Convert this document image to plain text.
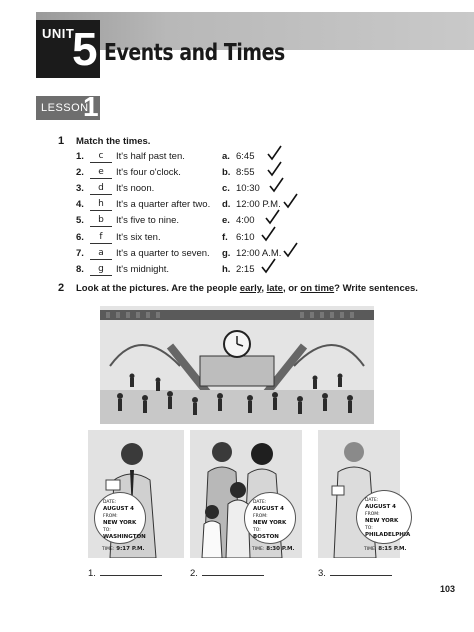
UNIT
5 Events and Times
LESSON
1
1 Match the times.
1.	c	It's half past ten.	a. 6:45
2.	e	It's four o'clock.	b. 8:55
3.	d	It's noon.	c. 10:30
4.	h	It's a quarter after two. d. 12:00 P.M.
5.	b	It's five to nine.	e. 4:00
6.	f	It's six ten.	f. 6:10
7.	a	It's a quarter to seven. g. 12:00 A.M.
8.	g	It's midnight.	h. 2:15
2 Look at the pictures. Are the people early, late, or on time? Write sentences.
DATE:
AUGUST 4
FROM:
NEW YORK
TO:
WASHINGTON
TIME: 9:17 P.M.
DATE:
AUGUST 4
FROM:
NEW YORK
TO:
BOSTON
TIME: 8:30 P.M.
DATE:
AUGUST 4
FROM:
NEW YORK
TO:
PHILADELPHIA
TIME: 8:15 P.M.
1.	2.	3.
103
